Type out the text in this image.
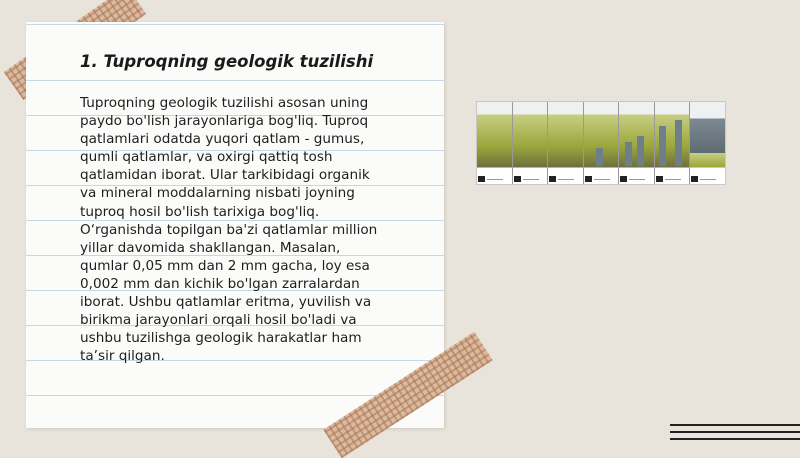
1. Tuproqning geologik tuzilishi
Tuproqning geologik tuzilishi asosan uning
paydo bo'lish jarayonlariga bog'liq. Tuproq
qatlamlari odatda yuqori qatlam - gumus,
qumli qatlamlar, va oxirgi qattiq tosh
qatlamidan iborat. Ular tarkibidagi organik
va mineral moddalarning nisbati joyning
tuproq hosil bo'lish tarixiga bog'liq.
O‘rganishda topilgan ba'zi qatlamlar million
yillar davomida shakllangan. Masalan,
qumlar 0,05 mm dan 2 mm gacha, loy esa
0,002 mm dan kichik bo'lgan zarralardan
iborat. Ushbu qatlamlar eritma, yuvilish va
birikma jarayonlari orqali hosil bo'ladi va
ushbu tuzilishga geologik harakatlar ham
ta’sir qilgan.
